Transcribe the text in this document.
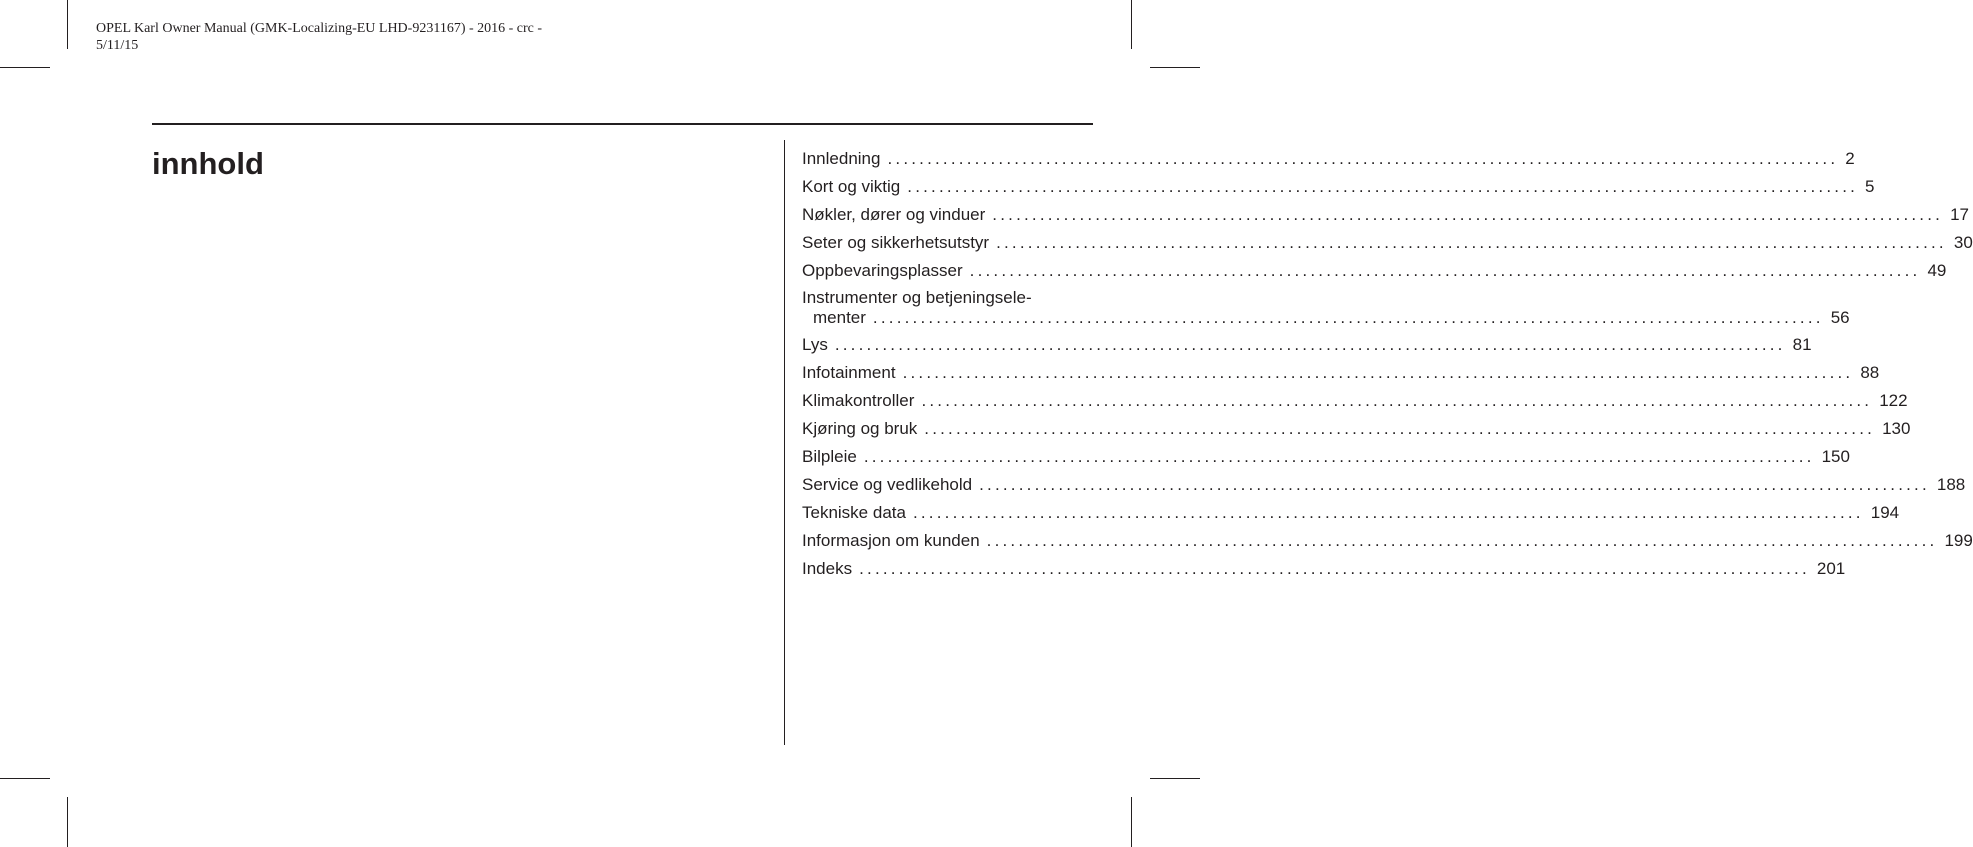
OPEL Karl Owner Manual (GMK-Localizing-EU LHD-9231167) - 2016 - crc -
5/11/15
innhold	Innledning ........................................................................................................................ 2
Kort og viktig ........................................................................................................................ 5
Nøkler, dører og vinduer ........................................................................................................................ 17
Seter og sikkerhetsutstyr ........................................................................................................................ 30
Oppbevaringsplasser ........................................................................................................................ 49
Instrumenter og betjeningsele-
menter ........................................................................................................................ 56
Lys ........................................................................................................................ 81
Infotainment ........................................................................................................................ 88
Klimakontroller ........................................................................................................................ 122
Kjøring og bruk ........................................................................................................................ 130
Bilpleie ........................................................................................................................ 150
Service og vedlikehold ........................................................................................................................ 188
Tekniske data ........................................................................................................................ 194
Informasjon om kunden ........................................................................................................................ 199
Indeks ........................................................................................................................ 201
